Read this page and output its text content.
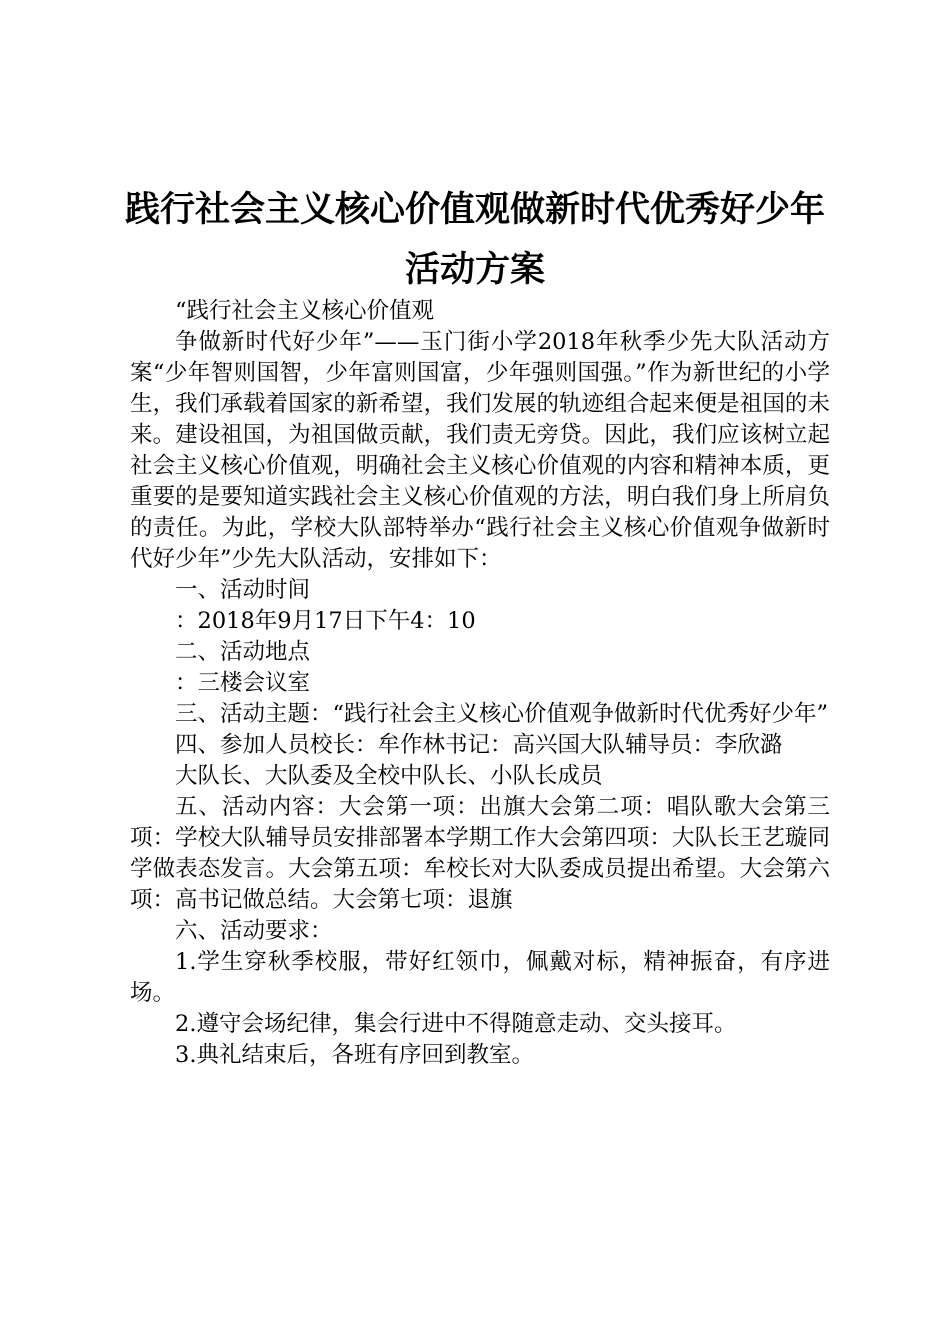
践行社会主义核心价值观做新时代优秀好少年
活动方案

“践行社会主义核心价值观

争做新时代好少年”——玉门街小学2018年秋季少先大队活动方案“少年智则国智，少年富则国富，少年强则国强。”作为新世纪的小学生，我们承载着国家的新希望，我们发展的轨迹组合起来便是祖国的未来。建设祖国，为祖国做贡献，我们责无旁贷。因此，我们应该树立起社会主义核心价值观，明确社会主义核心价值观的内容和精神本质，更重要的是要知道实践社会主义核心价值观的方法，明白我们身上所肩负的责任。为此，学校大队部特举办“践行社会主义核心价值观争做新时代好少年”少先大队活动，安排如下：

一、活动时间

：2018年9月17日下午4：10

二、活动地点

：三楼会议室

三、活动主题：“践行社会主义核心价值观争做新时代优秀好少年”

四、参加人员校长：牟作林书记：高兴国大队辅导员：李欣潞

大队长、大队委及全校中队长、小队长成员

五、活动内容：大会第一项：出旗大会第二项：唱队歌大会第三项：学校大队辅导员安排部署本学期工作大会第四项：大队长王艺璇同学做表态发言。大会第五项：牟校长对大队委成员提出希望。大会第六项：高书记做总结。大会第七项：退旗

六、活动要求：

1.学生穿秋季校服，带好红领巾，佩戴对标，精神振奋，有序进场。

2.遵守会场纪律，集会行进中不得随意走动、交头接耳。

3.典礼结束后，各班有序回到教室。
